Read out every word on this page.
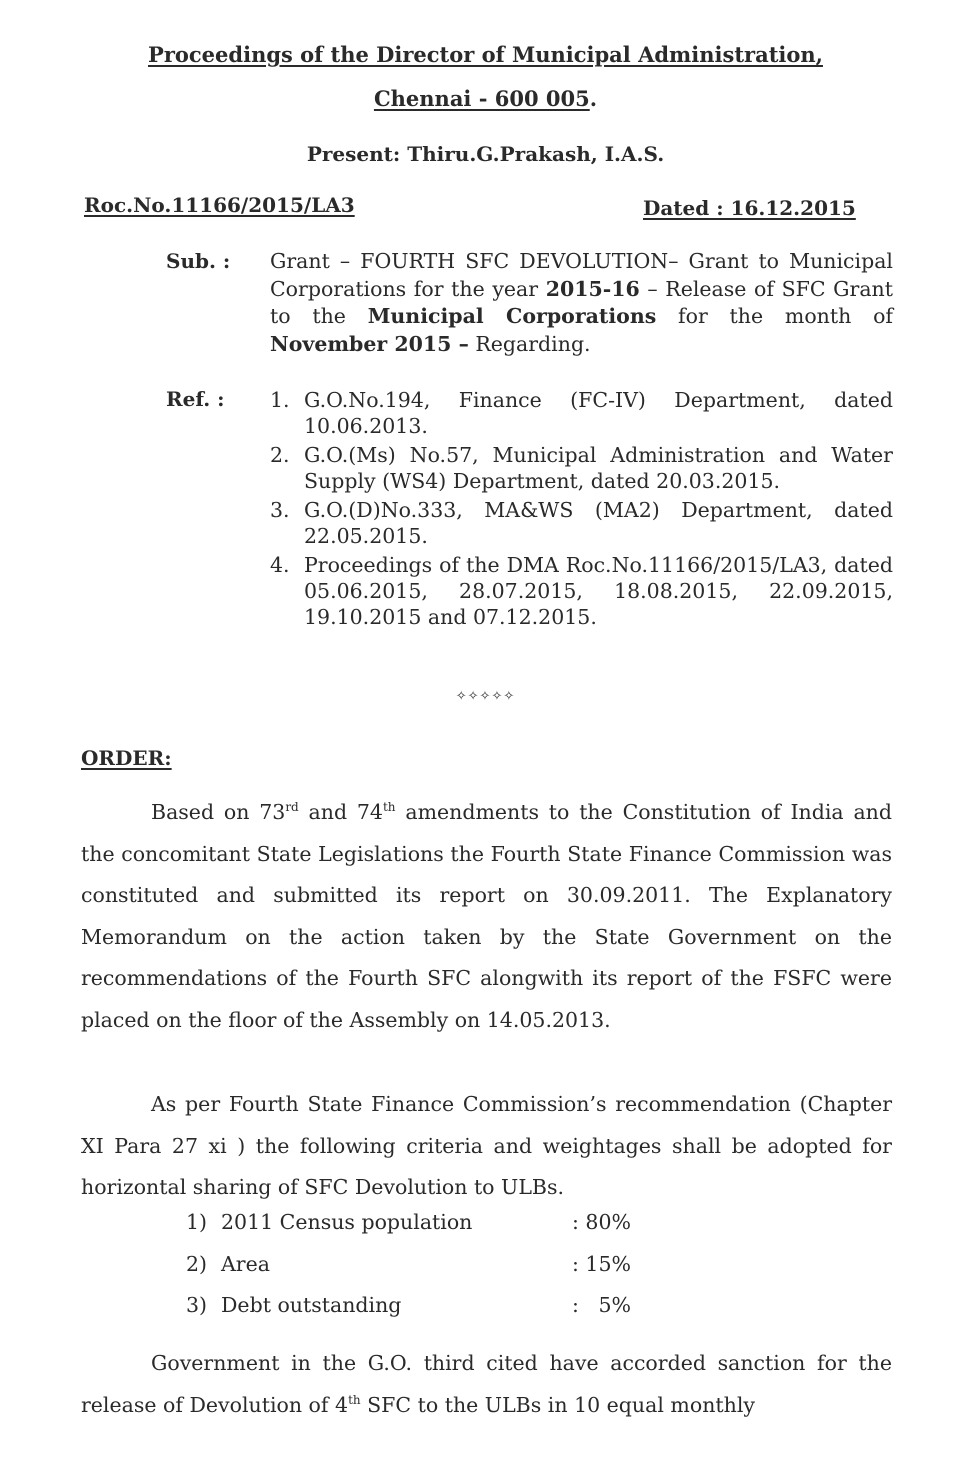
Proceedings of the Director of Municipal Administration,
Chennai - 600 005.
Present: Thiru.G.Prakash, I.A.S.
Roc.No.11166/2015/LA3	Dated : 16.12.2015
Sub. : Grant – FOURTH SFC DEVOLUTION– Grant to Municipal Corporations for the year 2015-16 – Release of SFC Grant to the Municipal Corporations for the month of November 2015 – Regarding.
Ref. : 1. G.O.No.194, Finance (FC-IV) Department, dated 10.06.2013.
2. G.O.(Ms) No.57, Municipal Administration and Water Supply (WS4) Department, dated 20.03.2015.
3. G.O.(D)No.333, MA&WS (MA2) Department, dated 22.05.2015.
4. Proceedings of the DMA Roc.No.11166/2015/LA3, dated 05.06.2015, 28.07.2015, 18.08.2015, 22.09.2015, 19.10.2015 and 07.12.2015.
✧✧✧✧✧
ORDER:

Based on 73rd and 74th amendments to the Constitution of India and the concomitant State Legislations the Fourth State Finance Commission was constituted and submitted its report on 30.09.2011. The Explanatory Memorandum on the action taken by the State Government on the recommendations of the Fourth SFC alongwith its report of the FSFC were placed on the floor of the Assembly on 14.05.2013.

As per Fourth State Finance Commission’s recommendation (Chapter XI Para 27 xi ) the following criteria and weightages shall be adopted for horizontal sharing of SFC Devolution to ULBs.

1) 2011 Census population	: 80%
2) Area	: 15%
3) Debt outstanding	:   5%

Government in the G.O. third cited have accorded sanction for the release of Devolution of 4th SFC to the ULBs in 10 equal monthly
